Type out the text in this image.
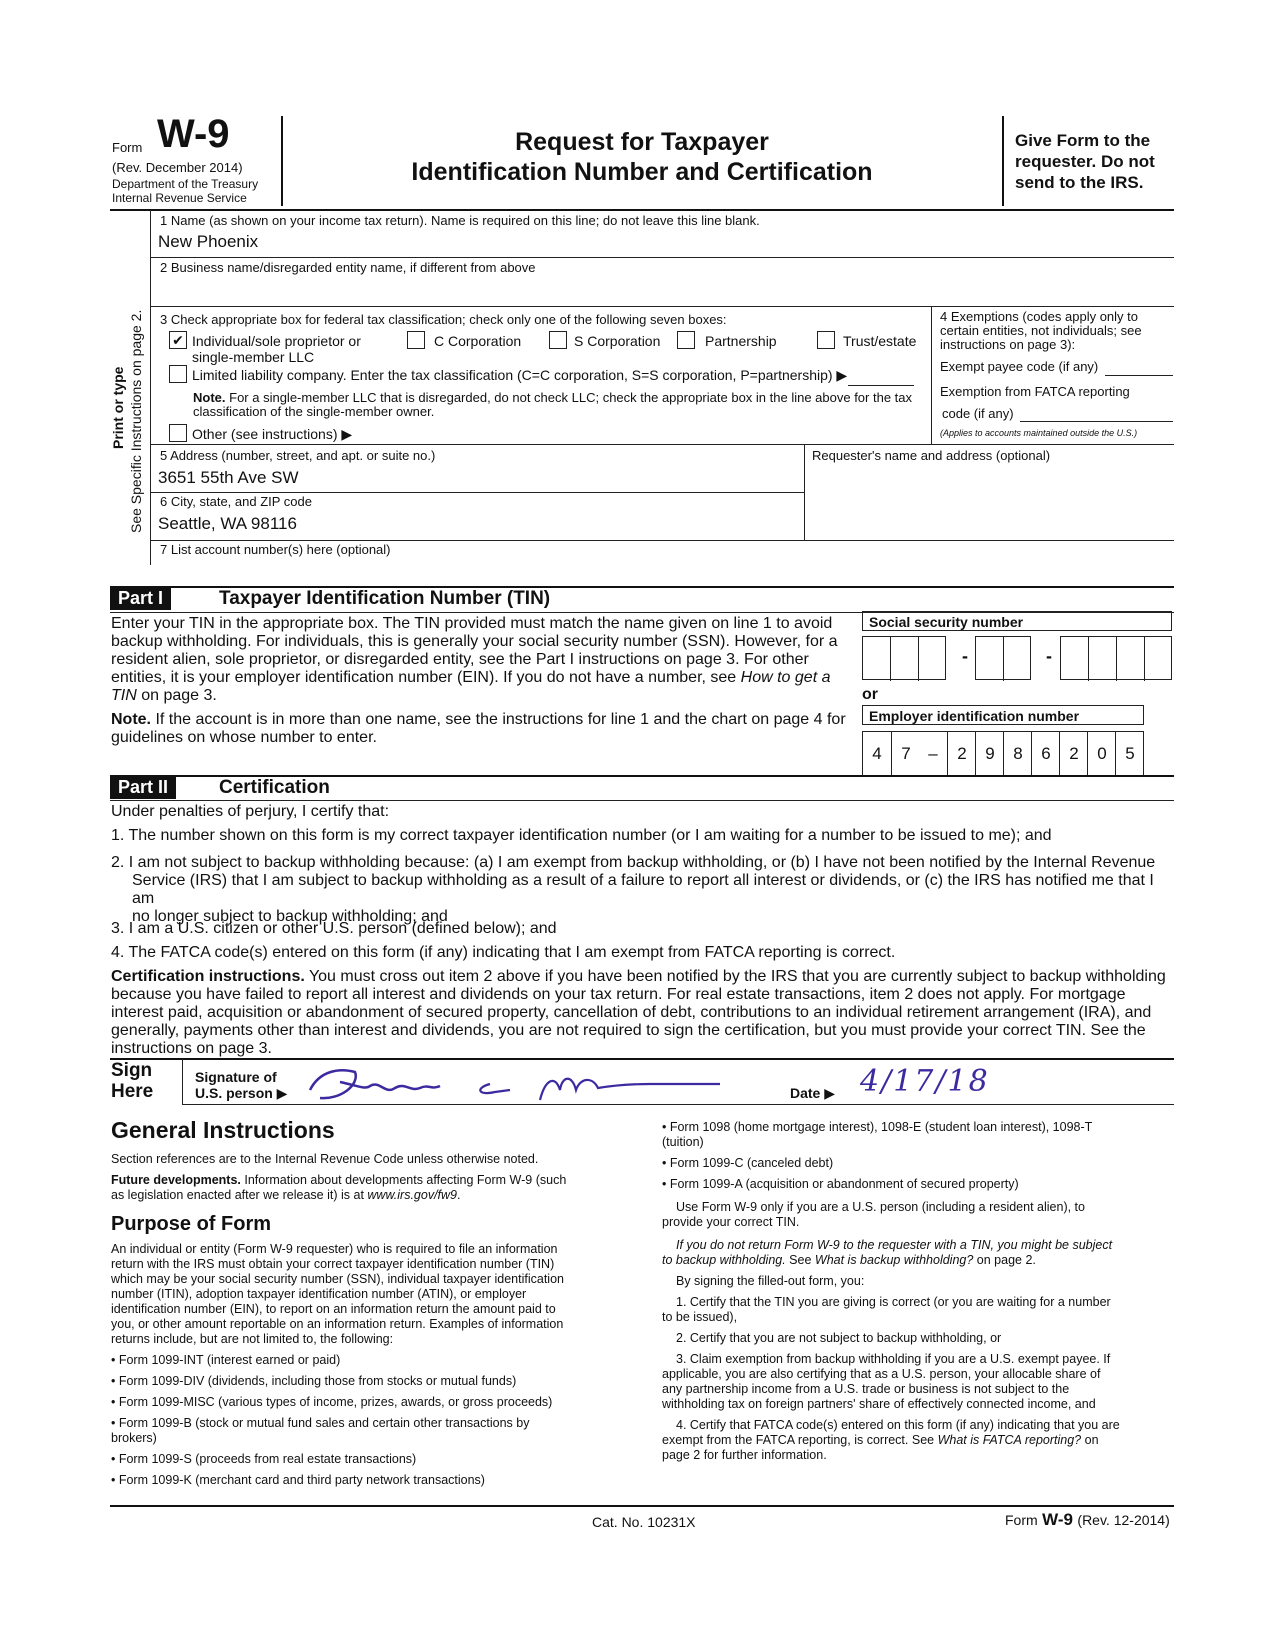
Form W-9
(Rev. December 2014)
Department of the Treasury
Internal Revenue Service
Request for Taxpayer
Identification Number and Certification
Give Form to the
requester. Do not
send to the IRS.
Print or type See Specific Instructions on page 2.
1 Name (as shown on your income tax return). Name is required on this line; do not leave this line blank.
New Phoenix
2 Business name/disregarded entity name, if different from above
3 Check appropriate box for federal tax classification; check only one of the following seven boxes:
✔ Individual/sole proprietor or
single-member LLC
C Corporation	S Corporation	Partnership	Trust/estate
Limited liability company. Enter the tax classification (C=C corporation, S=S corporation, P=partnership) ▶
Note. For a single-member LLC that is disregarded, do not check LLC; check the appropriate box in the line above for the tax classification of the single-member owner.
Other (see instructions) ▶
4 Exemptions (codes apply only to certain entities, not individuals; see instructions on page 3):
Exempt payee code (if any)
Exemption from FATCA reporting
code (if any)
(Applies to accounts maintained outside the U.S.)
5 Address (number, street, and apt. or suite no.)
3651 55th Ave SW
Requester's name and address (optional)
6 City, state, and ZIP code
Seattle, WA 98116
7 List account number(s) here (optional)
Part I	Taxpayer Identification Number (TIN)
Enter your TIN in the appropriate box. The TIN provided must match the name given on line 1 to avoid
backup withholding. For individuals, this is generally your social security number (SSN). However, for a
resident alien, sole proprietor, or disregarded entity, see the Part I instructions on page 3. For other
entities, it is your employer identification number (EIN). If you do not have a number, see How to get a
TIN on page 3.
Note. If the account is in more than one name, see the instructions for line 1 and the chart on page 4 for
guidelines on whose number to enter.
Social security number
-	-
or
Employer identification number
4	7	–	2	9	8	6	2	0	5
Part II	Certification
Under penalties of perjury, I certify that:
1. The number shown on this form is my correct taxpayer identification number (or I am waiting for a number to be issued to me); and
2. I am not subject to backup withholding because: (a) I am exempt from backup withholding, or (b) I have not been notified by the Internal Revenue
Service (IRS) that I am subject to backup withholding as a result of a failure to report all interest or dividends, or (c) the IRS has notified me that I am
no longer subject to backup withholding; and
3. I am a U.S. citizen or other U.S. person (defined below); and
4. The FATCA code(s) entered on this form (if any) indicating that I am exempt from FATCA reporting is correct.
Certification instructions. You must cross out item 2 above if you have been notified by the IRS that you are currently subject to backup withholding
because you have failed to report all interest and dividends on your tax return. For real estate transactions, item 2 does not apply. For mortgage
interest paid, acquisition or abandonment of secured property, cancellation of debt, contributions to an individual retirement arrangement (IRA), and
generally, payments other than interest and dividends, you are not required to sign the certification, but you must provide your correct TIN. See the
instructions on page 3.
Sign
Here
Signature of
U.S. person ▶	Date ▶ 4/17/18
General Instructions

Section references are to the Internal Revenue Code unless otherwise noted.

Future developments. Information about developments affecting Form W-9 (such

as legislation enacted after we release it) is at www.irs.gov/fw9.

Purpose of Form

An individual or entity (Form W-9 requester) who is required to file an information

return with the IRS must obtain your correct taxpayer identification number (TIN)

which may be your social security number (SSN), individual taxpayer identification

number (ITIN), adoption taxpayer identification number (ATIN), or employer

identification number (EIN), to report on an information return the amount paid to

you, or other amount reportable on an information return. Examples of information

returns include, but are not limited to, the following:

• Form 1099-INT (interest earned or paid)

• Form 1099-DIV (dividends, including those from stocks or mutual funds)

• Form 1099-MISC (various types of income, prizes, awards, or gross proceeds)

• Form 1099-B (stock or mutual fund sales and certain other transactions by

brokers)

• Form 1099-S (proceeds from real estate transactions)

• Form 1099-K (merchant card and third party network transactions)

• Form 1098 (home mortgage interest), 1098-E (student loan interest), 1098-T

(tuition)

• Form 1099-C (canceled debt)

• Form 1099-A (acquisition or abandonment of secured property)

Use Form W-9 only if you are a U.S. person (including a resident alien), to

provide your correct TIN.

If you do not return Form W-9 to the requester with a TIN, you might be subject

to backup withholding. See What is backup withholding? on page 2.

By signing the filled-out form, you:

1. Certify that the TIN you are giving is correct (or you are waiting for a number

to be issued),

2. Certify that you are not subject to backup withholding, or

3. Claim exemption from backup withholding if you are a U.S. exempt payee. If

applicable, you are also certifying that as a U.S. person, your allocable share of

any partnership income from a U.S. trade or business is not subject to the

withholding tax on foreign partners' share of effectively connected income, and

4. Certify that FATCA code(s) entered on this form (if any) indicating that you are

exempt from the FATCA reporting, is correct. See What is FATCA reporting? on

page 2 for further information.

Cat. No. 10231X	Form W-9 (Rev. 12-2014)
